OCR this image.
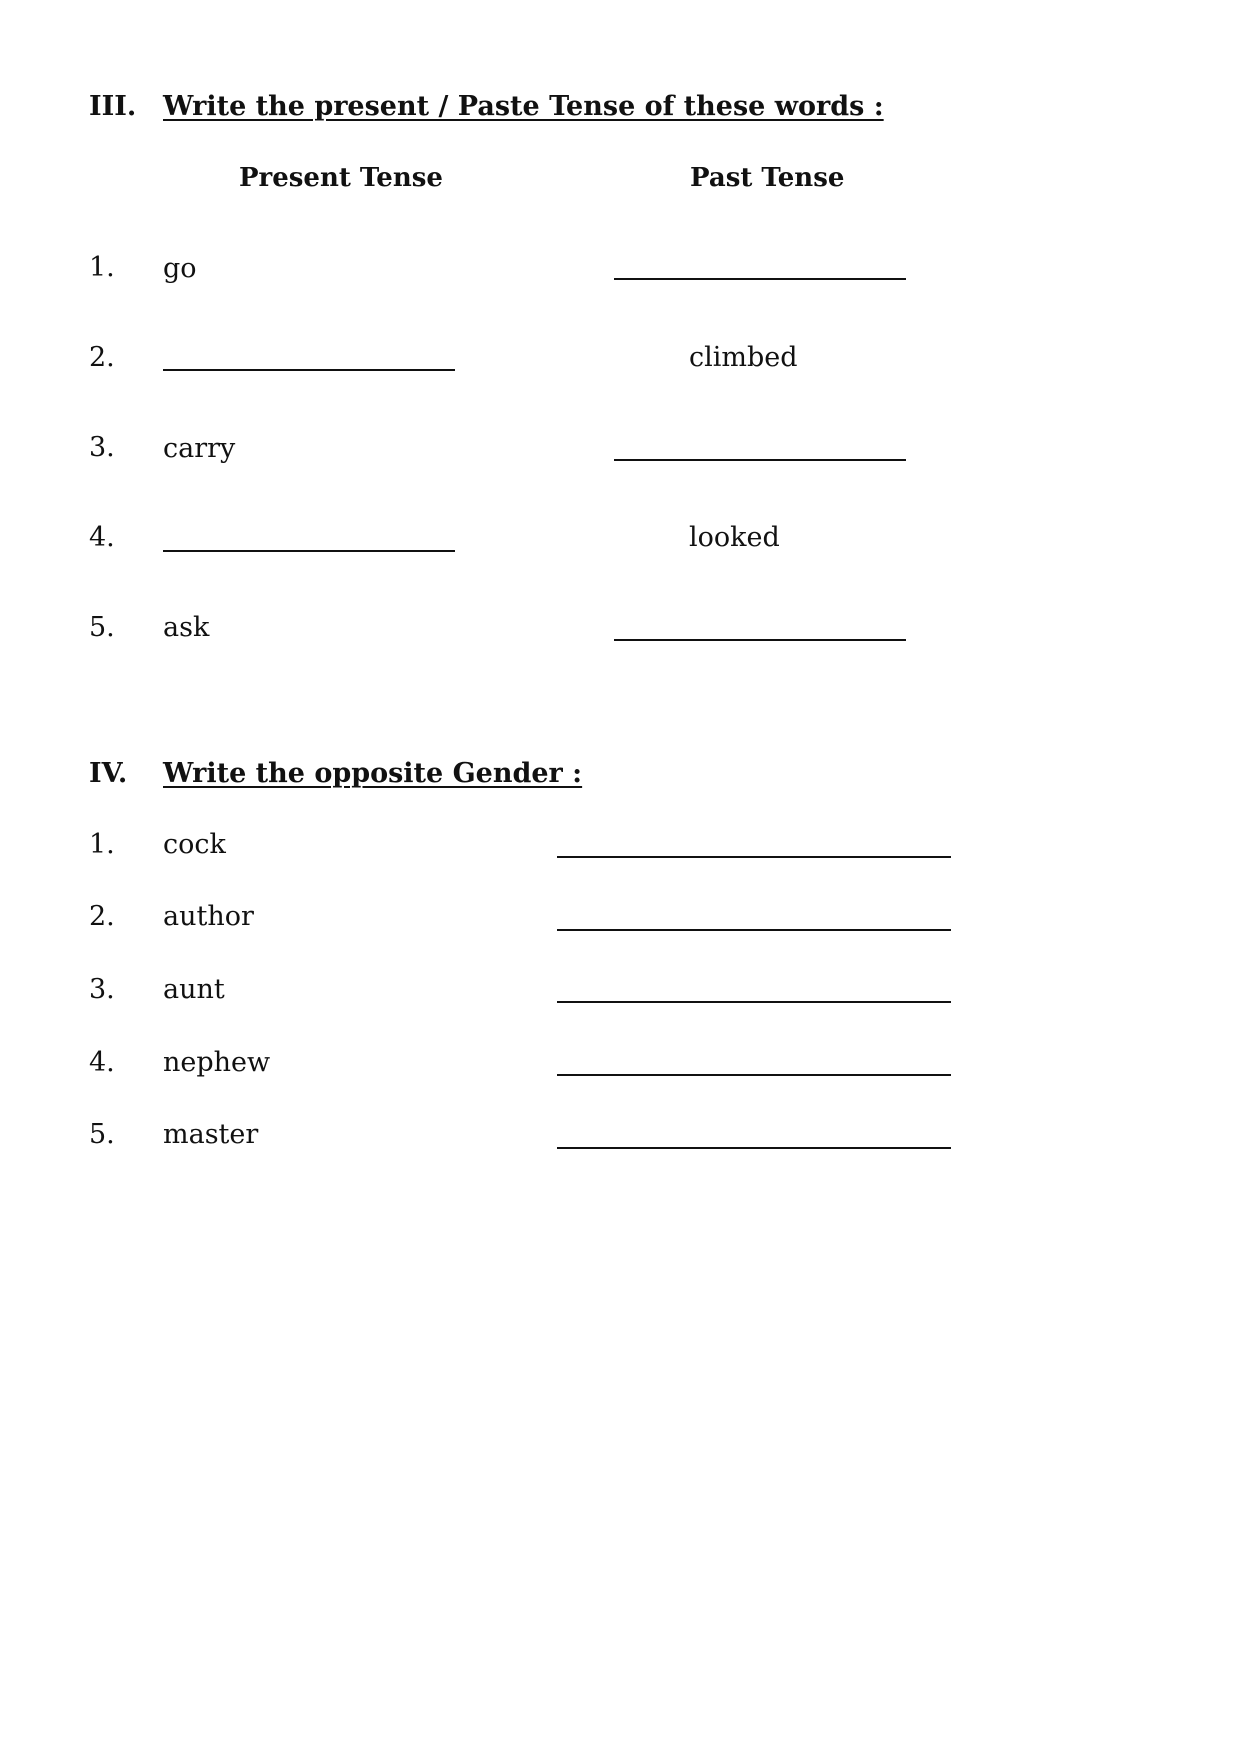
III. Write the present / Paste Tense of these words :
Present Tense	Past Tense
1. go
2.	climbed
3. carry
4.	looked
5. ask
IV. Write the opposite Gender :
1. cock
2. author
3. aunt
4. nephew
5. master
